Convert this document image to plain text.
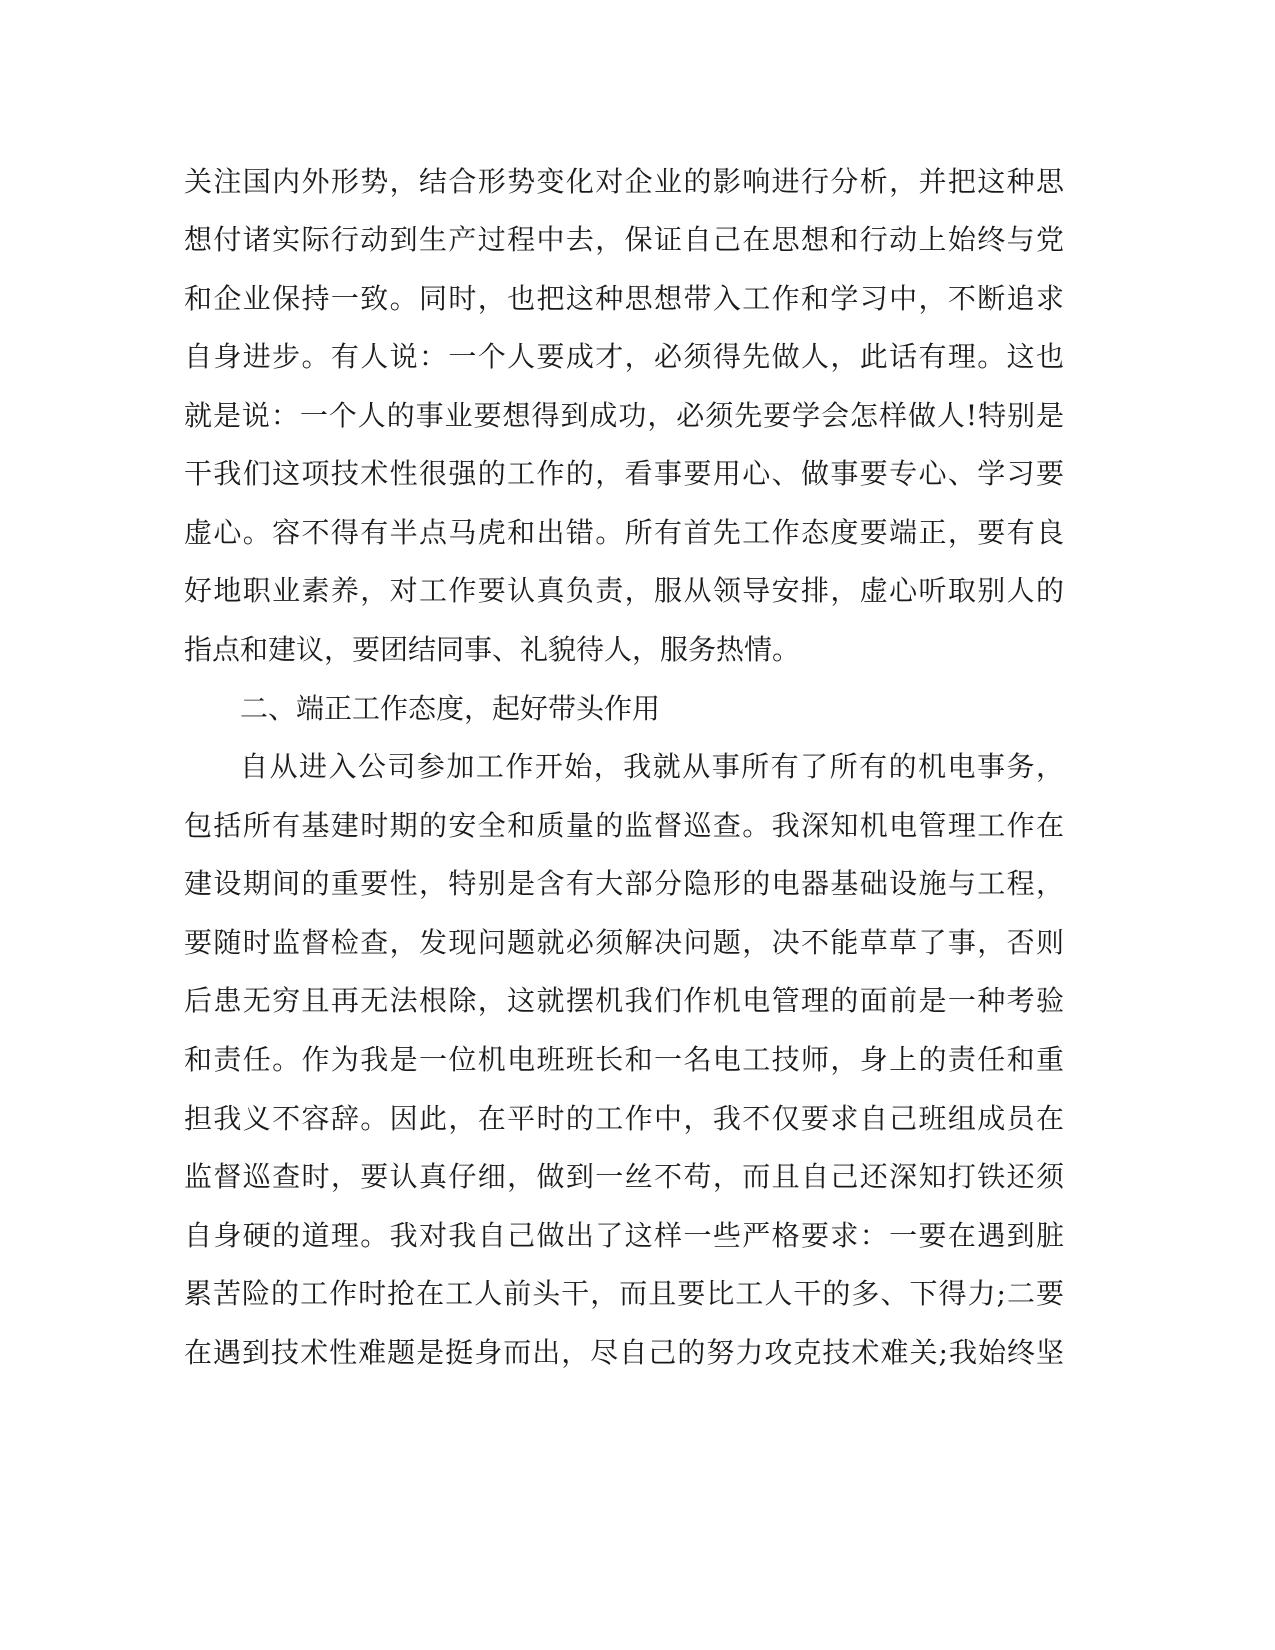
关注国内外形势，结合形势变化对企业的影响进行分析，并把这种思
想付诸实际行动到生产过程中去，保证自己在思想和行动上始终与党
和企业保持一致。同时，也把这种思想带入工作和学习中，不断追求
自身进步。有人说：一个人要成才，必须得先做人，此话有理。这也
就是说：一个人的事业要想得到成功，必须先要学会怎样做人!特别是
干我们这项技术性很强的工作的，看事要用心、做事要专心、学习要
虚心。容不得有半点马虎和出错。所有首先工作态度要端正，要有良
好地职业素养，对工作要认真负责，服从领导安排，虚心听取别人的
指点和建议，要团结同事、礼貌待人，服务热情。
二、端正工作态度，起好带头作用
自从进入公司参加工作开始，我就从事所有了所有的机电事务，
包括所有基建时期的安全和质量的监督巡查。我深知机电管理工作在
建设期间的重要性，特别是含有大部分隐形的电器基础设施与工程，
要随时监督检查，发现问题就必须解决问题，决不能草草了事，否则
后患无穷且再无法根除，这就摆机我们作机电管理的面前是一种考验
和责任。作为我是一位机电班班长和一名电工技师，身上的责任和重
担我义不容辞。因此，在平时的工作中，我不仅要求自己班组成员在
监督巡查时，要认真仔细，做到一丝不苟，而且自己还深知打铁还须
自身硬的道理。我对我自己做出了这样一些严格要求：一要在遇到脏
累苦险的工作时抢在工人前头干，而且要比工人干的多、下得力;二要
在遇到技术性难题是挺身而出，尽自己的努力攻克技术难关;我始终坚
